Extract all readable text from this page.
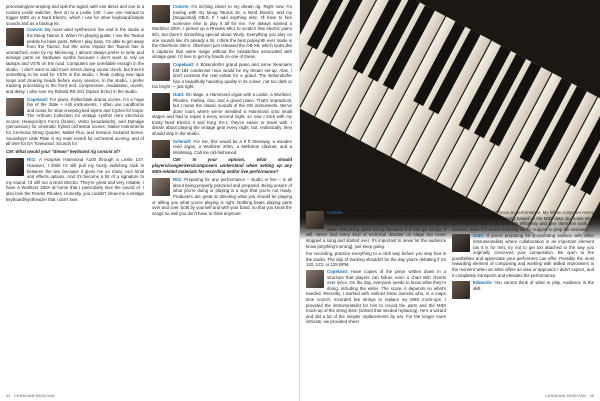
processing/pre-amping and split the signal, with one direct and one to a custom Leslie switcher, then on to a Leslie 145. I use one manual to trigger MIDI on a Nord Electro, which I use for other keyboard/simple sounds and as a backup kit.

Comrie: My most used synthesizer live and in the studio is the Moog Taurus 3. When I'm playing guitar, I use the Taurus pedals for bass parts. When I play bass, I'm able to get away from the Taurus, but the sonic impact the Taurus has is unmatched, even by my Minimoog. I almost always prefer to write and arrange parts on hardware synths because I don't want to rely on laptops and VSTs on the road. Computers are unreliable enough in the studio - I don't want to add more stress during sound check, but there's something to be said for VSTs in the studio. I freak cutting new tape loops and clearing heads before every session. In the studio, I prefer tracking processing in the front end: compression, modulation, reverb, and delay. I also love my Roland RE-201 (Space Echo) in the studio.
Copeland: For piano, thriller/dark drama scores, I'm a huge fan of the Slate + Ash instruments. I often use Landforms and Auras for slow creeping bed layers and Cycles for loops. The Artfoum Collection for vintage synths/ retro electronic scores; Heavyocity's Forzo (brass), Vento (woodwinds), and Damage (percussion) for cinematic hybrid orchestral scores; Native Instruments for Cremona String Quartet, Mallet Flux, and Session Guitarist Series. Soundtoys' Little Plate is my main reverb for orchestral scoring; and of all time for EA Tonewood. Sounds for
CM: What would your "dream" keyboard rig consist of?
Ritz: A Hoopset Hammond A100 through a Leslie 147. However, I think I'd still pull my trusty switching rack in between the two because it gives me so many cool tonal and effects options. And it's become a bit of a signature to my sound. I'd still run a Nord Electro. They're great and very reliable. I have a Wurlitzer 200A at home that I particularly love the sound of. I also love the Fender Rhodes. Honestly, you couldn't show me a vintage keyboard/synthesizer that I don't love.
Comrie: I'm inching closer to my dream rig. Right now, I'm touring with my Moog Taurus 3s, a Nord Electro, and my [Sequential] OB-6. If I add anything else, I'll have to hire someone else to play it all for me. I've always wanted a Wurlitzer 200A. I picked up a Rhodes MK1 to scratch that electric piano itch, but there's something special about Wurly. Everything you play on one sounds like it's already a hit. I think the best polysynth ever made is the Oberheim OB-X. Oberheim just released the OB-X8, which looks like it captures that same magic without the headaches associated with vintage gear. I'd love to get my hands on one of these.
Copeland: A Bösendorfer grand piano and some Neumann KM 184 condenser mics would be my dream set-up. Alas, I don't possess the real estate for a grand. The Bösendorfer has a beautifully haunting quality in its colour, not too dark or too bright — just right.
Gatti: On stage, a Hammond organ with a Leslie, a Wurlitzer, Rhodes, Farfisa, clav, and a grand piano. That's impractical, but I mean the classic sounds of the OG instruments. We've done tours where we've wrestled a Hammond onto small stages and had to repair it every second night, so now I stick with my trusty Nord Electro 3 and Korg SV-1; they're easier to travel with. I dream about playing the vintage gear every night, but, realistically, they should stay in the studio.
Schmidt: For me, this would be a 9 ft Steinway, a wooden reed organ, a Wurlitzer 200A, a Mellotron clavinet, and a MiniMoog. Call me old-fashioned.
CM: In your opinion, what should players/songwriters/composers understand when setting up any MIDI-related materials for recording and/or live performance?
Ritz: Preparing for any performance – studio or live – is all about being properly practiced and prepared. Being unsure of what you're doing or playing is a sign that you're not ready. Producers are great at directing what you should be playing or telling you what you're playing is right. Nothing beats playing parts over and over, both by yourself and with your band, so that you know the songs so well you don't have to think anymore.
34 · CANADIAN MUSICIAN
Comrie: I'd say learn where the 'MIDI panic' button is on all their gear before they get on stage. In all seriousness, though, it's important to know how to keep the show going when everything goes wrong because if it can go wrong, it will. Never had every kind of technical disaster on stage but never stopped a song and started over. It's important to never let the audience know [anything's wrong], just keep going.

For recording, practice everything to a click way before you step foot in the studio. The day of tracking shouldn't be the day you're debating if it's 120, 123, or 125 BPM.

Copeland: Have copies of the piece written down in a structure that players can follow, even a chart with chords over lyrics. On the day, everyone needs to know what they're doing, including the writer. The score, it depends on what's needed. Recently, I worked with violinist Drew Jurecka who, in a major time crunch, recorded live strings to replace my MIDI mock-ups. I provided the instrumentalist for him to record the parts and the MIDI mock-up of the string stem (solved that needed replacing). He's a wizard and did a lot of the simpler replacements by ear. For the longer more intricate, we provided sheet

music so Jurecka could focus on performance. My fellow composer Henry Mellon did the copy and morning based on the MIDI data. So, know what your players need to do their job efficiently and give them the tools for success, even if it means reaching out for support to prep the sessions.

Gatti: If you're preparing for a recording session with other instrumentalists where collaboration is an important element (as it is for me), try not to get too attached to the way you originally conceived your composition. Be open to the possibilities and appreciate your performers can offer. Possibly the most rewarding element of composing and working with skilled improvisers is the moment when an artist offers an idea or approach I didn't expect, and it completely transports and elevates the performance.
Edwards: You cannot think of what to play. Audience is the skill.
CANADIAN MUSICIAN · 35
